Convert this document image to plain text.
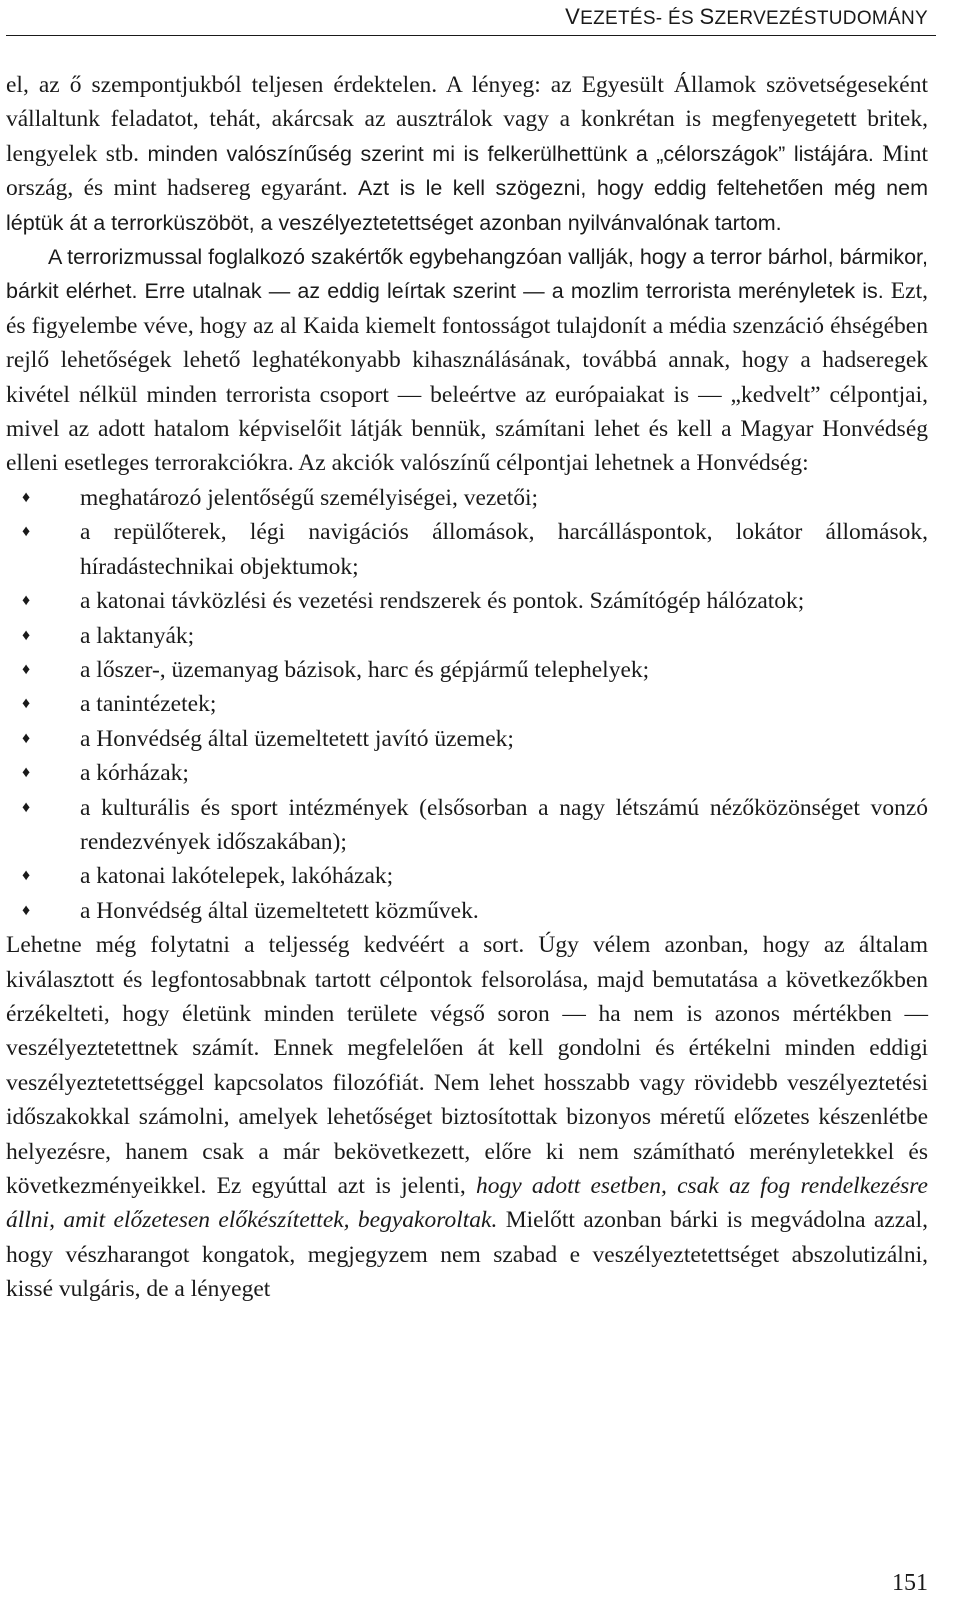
VEZETÉS- ÉS SZERVEZÉSTUDOMÁNY

el, az ő szempontjukból teljesen érdektelen. A lényeg: az Egyesült Államok szövetségeseként vállaltunk feladatot, tehát, akárcsak az ausztrálok vagy a konkrétan is megfenyegetett britek, lengyelek stb. minden valószínűség szerint mi is felkerülhettünk a „célországok” listájára. Mint ország, és mint hadsereg egyaránt. Azt is le kell szögezni, hogy eddig feltehetően még nem léptük át a terrorküszöböt, a veszélyeztetettséget azonban nyilvánvalónak tartom.

A terrorizmussal foglalkozó szakértők egybehangzóan vallják, hogy a terror bárhol, bármikor, bárkit elérhet. Erre utalnak — az eddig leírtak szerint — a mozlim terrorista merényletek is. Ezt, és figyelembe véve, hogy az al Kaida kiemelt fontosságot tulajdonít a média szenzáció éhségében rejlő lehetőségek lehető leghatékonyabb kihasználásának, továbbá annak, hogy a hadseregek kivétel nélkül minden terrorista csoport — beleértve az európaiakat is — „kedvelt” célpontjai, mivel az adott hatalom képviselőit látják bennük, számítani lehet és kell a Magyar Honvédség elleni esetleges terrorakciókra. Az akciók valószínű célpontjai lehetnek a Honvédség:

♦ meghatározó jelentőségű személyiségei, vezetői;
♦ a repülőterek, légi navigációs állomások, harcálláspontok, lokátor állomások, híradástechnikai objektumok;
♦ a katonai távközlési és vezetési rendszerek és pontok. Számítógép hálózatok;
♦ a laktanyák;
♦ a lőszer-, üzemanyag bázisok, harc és gépjármű telephelyek;
♦ a tanintézetek;
♦ a Honvédség által üzemeltetett javító üzemek;
♦ a kórházak;
♦ a kulturális és sport intézmények (elsősorban a nagy létszámú nézőközönséget vonzó rendezvények időszakában);
♦ a katonai lakótelepek, lakóházak;
♦ a Honvédség által üzemeltetett közművek.

Lehetne még folytatni a teljesség kedvéért a sort. Úgy vélem azonban, hogy az általam kiválasztott és legfontosabbnak tartott célpontok felsorolása, majd bemutatása a következőkben érzékelteti, hogy életünk minden területe végső soron — ha nem is azonos mértékben — veszélyeztetettnek számít. Ennek megfelelően át kell gondolni és értékelni minden eddigi veszélyeztetettséggel kapcsolatos filozófiát. Nem lehet hosszabb vagy rövidebb veszélyeztetési időszakokkal számolni, amelyek lehetőséget biztosítottak bizonyos méretű előzetes készenlétbe helyezésre, hanem csak a már bekövetkezett, előre ki nem számítható merényletekkel és következményeikkel. Ez egyúttal azt is jelenti, hogy adott esetben, csak az fog rendelkezésre állni, amit előzetesen előkészítettek, begyakoroltak. Mielőtt azonban bárki is megvádolna azzal, hogy vészharangot kongatok, megjegyzem nem szabad e veszélyeztetettséget abszolutizálni, kissé vulgáris, de a lényeget

151
